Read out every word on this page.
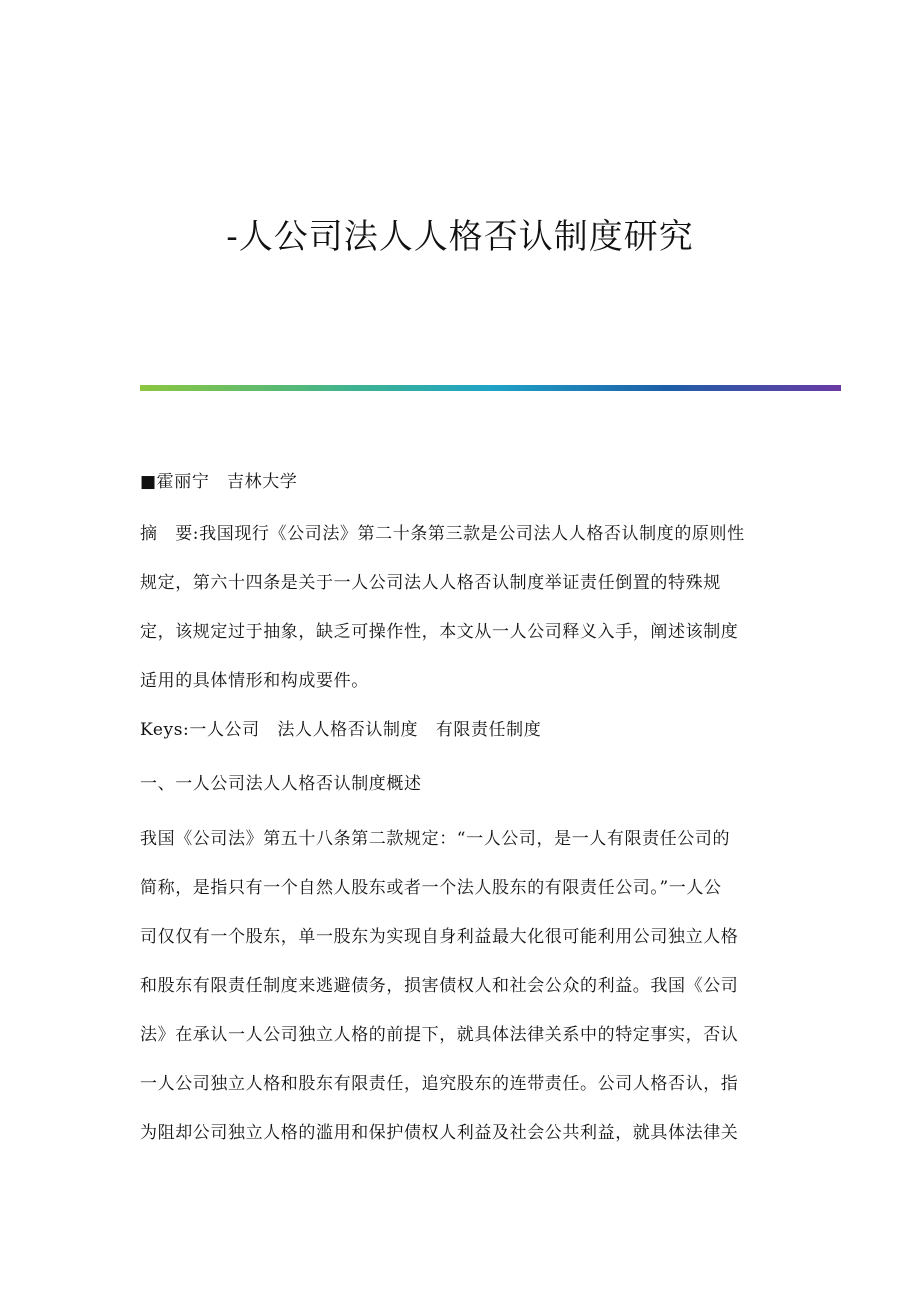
-人公司法人人格否认制度研究
■霍丽宁　吉林大学
摘　要:我国现行《公司法》第二十条第三款是公司法人人格否认制度的原则性
规定，第六十四条是关于一人公司法人人格否认制度举证责任倒置的特殊规
定，该规定过于抽象，缺乏可操作性，本文从一人公司释义入手，阐述该制度
适用的具体情形和构成要件。
Keys:一人公司　法人人格否认制度　有限责任制度
一、一人公司法人人格否认制度概述
我国《公司法》第五十八条第二款规定：“一人公司，是一人有限责任公司的
简称，是指只有一个自然人股东或者一个法人股东的有限责任公司。”一人公
司仅仅有一个股东，单一股东为实现自身利益最大化很可能利用公司独立人格
和股东有限责任制度来逃避债务，损害债权人和社会公众的利益。我国《公司
法》在承认一人公司独立人格的前提下，就具体法律关系中的特定事实，否认
一人公司独立人格和股东有限责任，追究股东的连带责任。公司人格否认，指
为阻却公司独立人格的滥用和保护债权人利益及社会公共利益，就具体法律关
